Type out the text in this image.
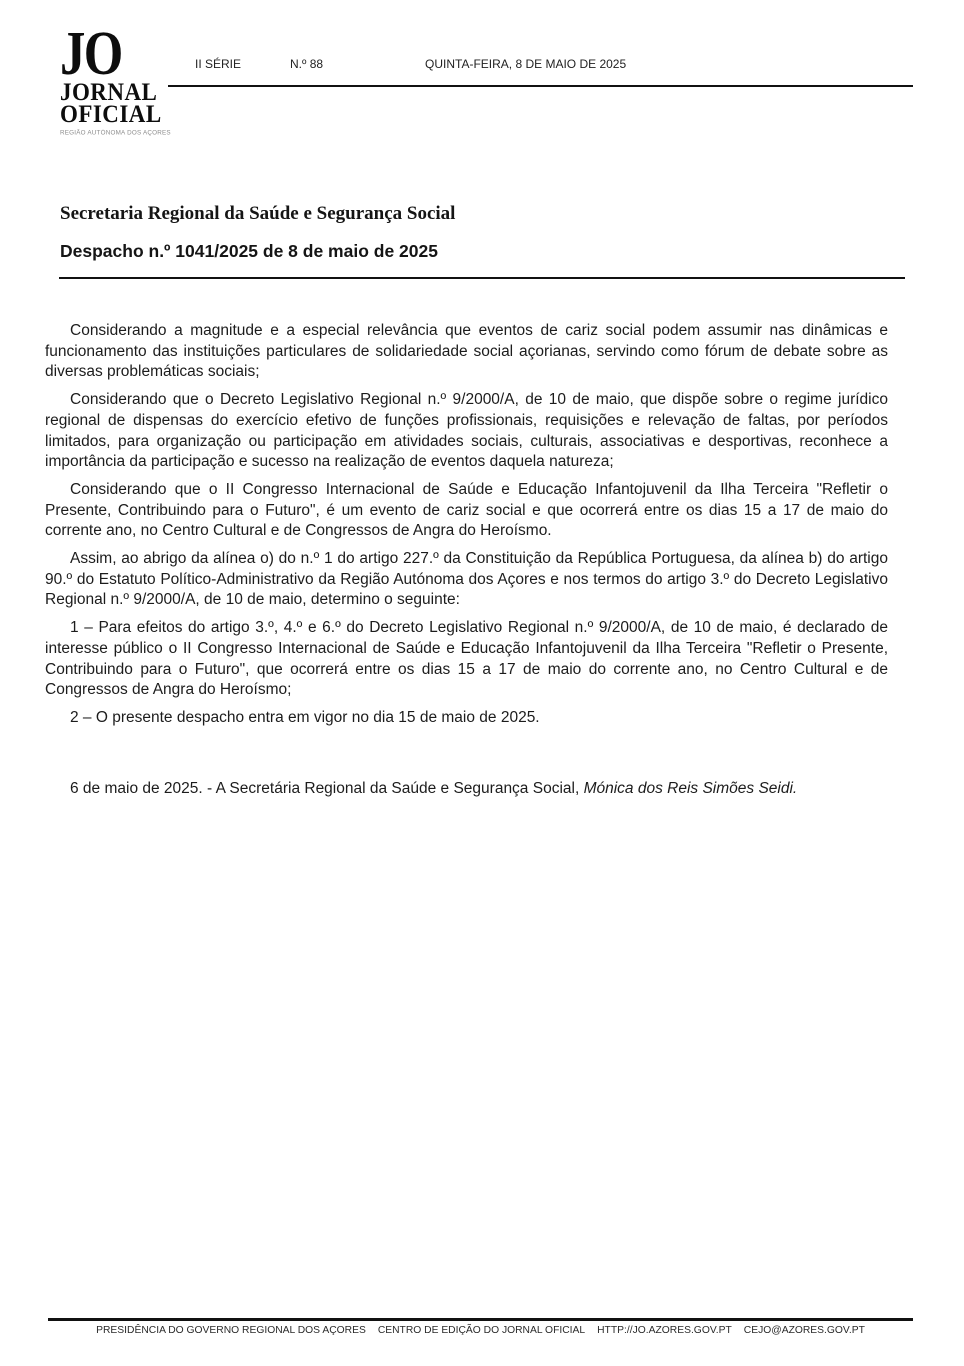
JO
JORNAL
OFICIAL
REGIÃO AUTÓNOMA DOS AÇORES
II SÉRIE	N.º 88	QUINTA-FEIRA, 8 DE MAIO DE 2025
Secretaria Regional da Saúde e Segurança Social
Despacho n.º 1041/2025 de 8 de maio de 2025

Considerando a magnitude e a especial relevância que eventos de cariz social podem assumir nas dinâmicas e funcionamento das instituições particulares de solidariedade social açorianas, servindo como fórum de debate sobre as diversas problemáticas sociais;

Considerando que o Decreto Legislativo Regional n.º 9/2000/A, de 10 de maio, que dispõe sobre o regime jurídico regional de dispensas do exercício efetivo de funções profissionais, requisições e relevação de faltas, por períodos limitados, para organização ou participação em atividades sociais, culturais, associativas e desportivas, reconhece a importância da participação e sucesso na realização de eventos daquela natureza;

Considerando que o II Congresso Internacional de Saúde e Educação Infantojuvenil da Ilha Terceira "Refletir o Presente, Contribuindo para o Futuro", é um evento de cariz social e que ocorrerá entre os dias 15 a 17 de maio do corrente ano, no Centro Cultural e de Congressos de Angra do Heroísmo.

Assim, ao abrigo da alínea o) do n.º 1 do artigo 227.º da Constituição da República Portuguesa, da alínea b) do artigo 90.º do Estatuto Político-Administrativo da Região Autónoma dos Açores e nos termos do artigo 3.º do Decreto Legislativo Regional n.º 9/2000/A, de 10 de maio, determino o seguinte:

1 – Para efeitos do artigo 3.º, 4.º e 6.º do Decreto Legislativo Regional n.º 9/2000/A, de 10 de maio, é declarado de interesse público o II Congresso Internacional de Saúde e Educação Infantojuvenil da Ilha Terceira "Refletir o Presente, Contribuindo para o Futuro", que ocorrerá entre os dias 15 a 17 de maio do corrente ano, no Centro Cultural e de Congressos de Angra do Heroísmo;

2 – O presente despacho entra em vigor no dia 15 de maio de 2025.

6 de maio de 2025. - A Secretária Regional da Saúde e Segurança Social, Mónica dos Reis Simões Seidi.

PRESIDÊNCIA DO GOVERNO REGIONAL DOS AÇORES CENTRO DE EDIÇÃO DO JORNAL OFICIAL HTTP://JO.AZORES.GOV.PT CEJO@AZORES.GOV.PT
